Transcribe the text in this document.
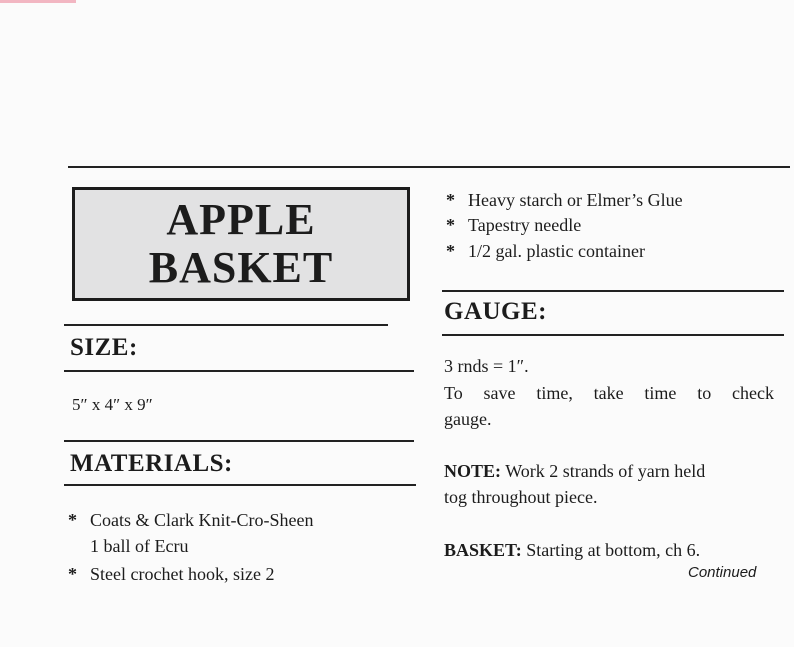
APPLE
BASKET
SIZE:
5″ x 4″ x 9″
MATERIALS:
* Coats & Clark Knit-Cro-Sheen
1 ball of Ecru
* Steel crochet hook, size 2
* Heavy starch or Elmer’s Glue
* Tapestry needle
* 1/2 gal. plastic container
GAUGE:
3 rnds = 1″.
To save time, take time to check
gauge.
NOTE: Work 2 strands of yarn held
tog throughout piece.
BASKET: Starting at bottom, ch 6.
Continued
